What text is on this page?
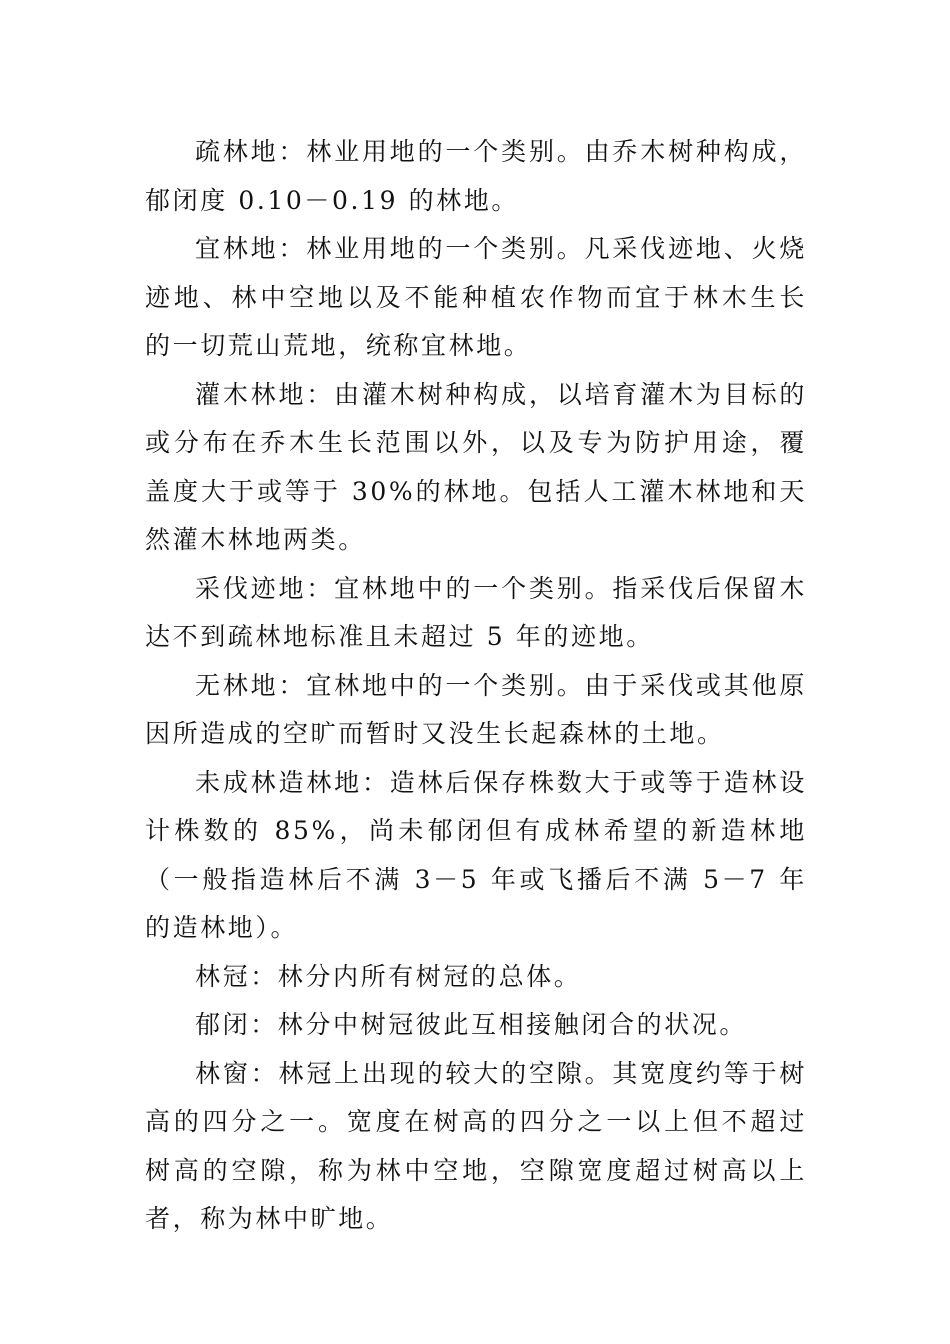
疏林地：林业用地的一个类别。由乔木树种构成，郁闭度 0.10－0.19 的林地。

宜林地：林业用地的一个类别。凡采伐迹地、火烧迹地、林中空地以及不能种植农作物而宜于林木生长的一切荒山荒地，统称宜林地。

灌木林地：由灌木树种构成，以培育灌木为目标的或分布在乔木生长范围以外，以及专为防护用途，覆盖度大于或等于 30%的林地。包括人工灌木林地和天然灌木林地两类。

采伐迹地：宜林地中的一个类别。指采伐后保留木达不到疏林地标准且未超过 5 年的迹地。

无林地：宜林地中的一个类别。由于采伐或其他原因所造成的空旷而暂时又没生长起森林的土地。

未成林造林地：造林后保存株数大于或等于造林设计株数的 85%，尚未郁闭但有成林希望的新造林地（一般指造林后不满 3－5 年或飞播后不满 5－7 年的造林地）。

林冠：林分内所有树冠的总体。

郁闭：林分中树冠彼此互相接触闭合的状况。

林窗：林冠上出现的较大的空隙。其宽度约等于树高的四分之一。宽度在树高的四分之一以上但不超过树高的空隙，称为林中空地，空隙宽度超过树高以上者，称为林中旷地。
